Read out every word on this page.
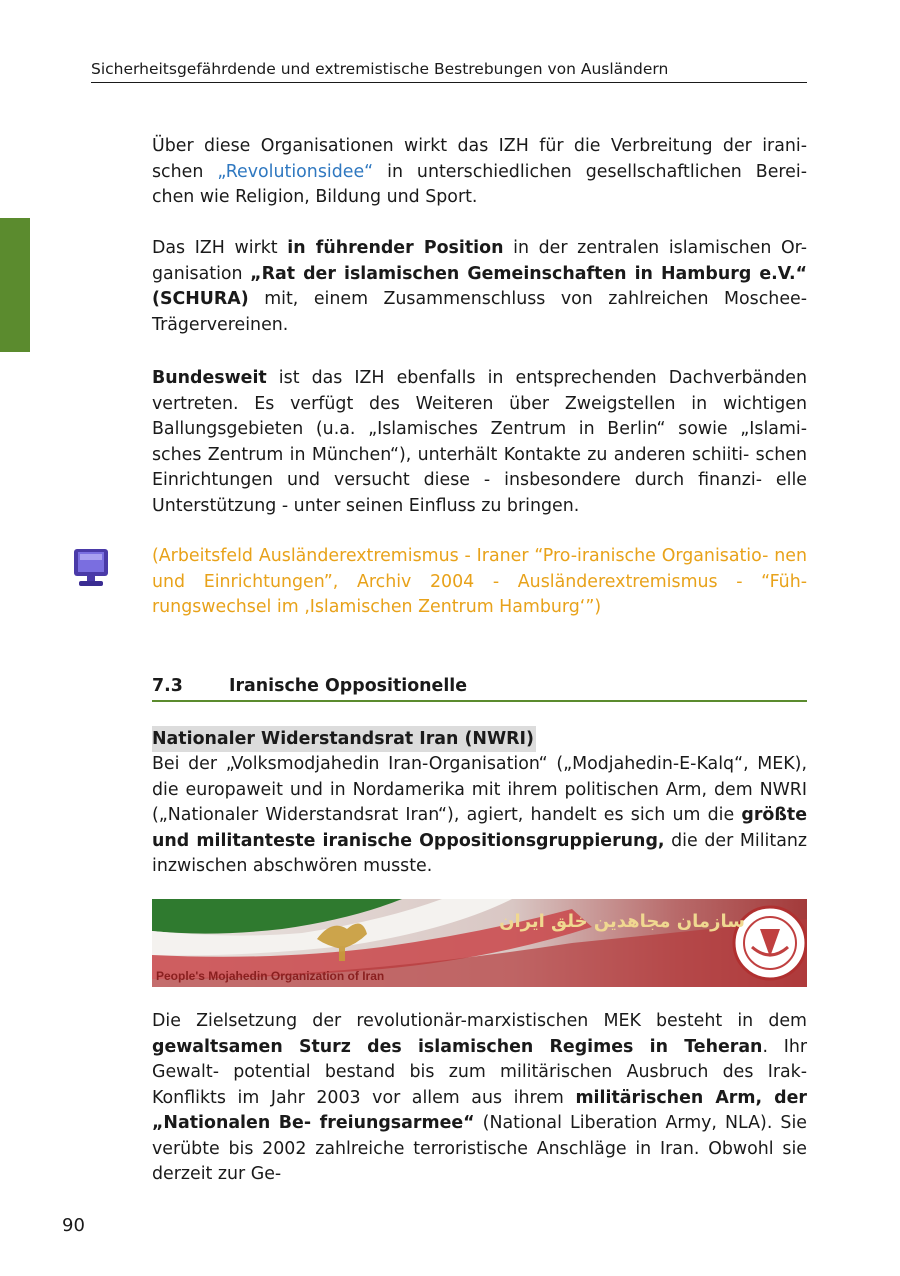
Sicherheitsgefährdende und extremistische Bestrebungen von Ausländern

Über diese Organisationen wirkt das IZH für die Verbreitung der irani- schen „Revolutionsidee“ in unterschiedlichen gesellschaftlichen Berei- chen wie Religion, Bildung und Sport.

Das IZH wirkt in führender Position in der zentralen islamischen Or- ganisation „Rat der islamischen Gemeinschaften in Hamburg e.V.“ (SCHURA) mit, einem Zusammenschluss von zahlreichen Moschee- Trägervereinen.

Bundesweit ist das IZH ebenfalls in entsprechenden Dachverbänden vertreten. Es verfügt des Weiteren über Zweigstellen in wichtigen Ballungsgebieten (u.a. „Islamisches Zentrum in Berlin“ sowie „Islami- sches Zentrum in München“), unterhält Kontakte zu anderen schiiti- schen Einrichtungen und versucht diese - insbesondere durch finanzi- elle Unterstützung - unter seinen Einfluss zu bringen.

(Arbeitsfeld Ausländerextremismus - Iraner “Pro-iranische Organisatio- nen und Einrichtungen”, Archiv 2004 - Ausländerextremismus - “Füh- rungswechsel im ‚Islamischen Zentrum Hamburg‘”)

7.3	Iranische Oppositionelle
Nationaler Widerstandsrat Iran (NWRI)

Bei der „Volksmodjahedin Iran-Organisation“ („Modjahedin-E-Kalq“, MEK), die europaweit und in Nordamerika mit ihrem politischen Arm, dem NWRI („Nationaler Widerstandsrat Iran“), agiert, handelt es sich um die größte und militanteste iranische Oppositionsgruppierung, die der Militanz inzwischen abschwören musste.

سازمان مجاهدین خلق ایران
People's Mojahedin Organization of Iran

Die Zielsetzung der revolutionär-marxistischen MEK besteht in dem gewaltsamen Sturz des islamischen Regimes in Teheran. Ihr Gewalt- potential bestand bis zum militärischen Ausbruch des Irak-Konflikts im Jahr 2003 vor allem aus ihrem militärischen Arm, der „Nationalen Be- freiungsarmee“ (National Liberation Army, NLA). Sie verübte bis 2002 zahlreiche terroristische Anschläge in Iran. Obwohl sie derzeit zur Ge-

90
